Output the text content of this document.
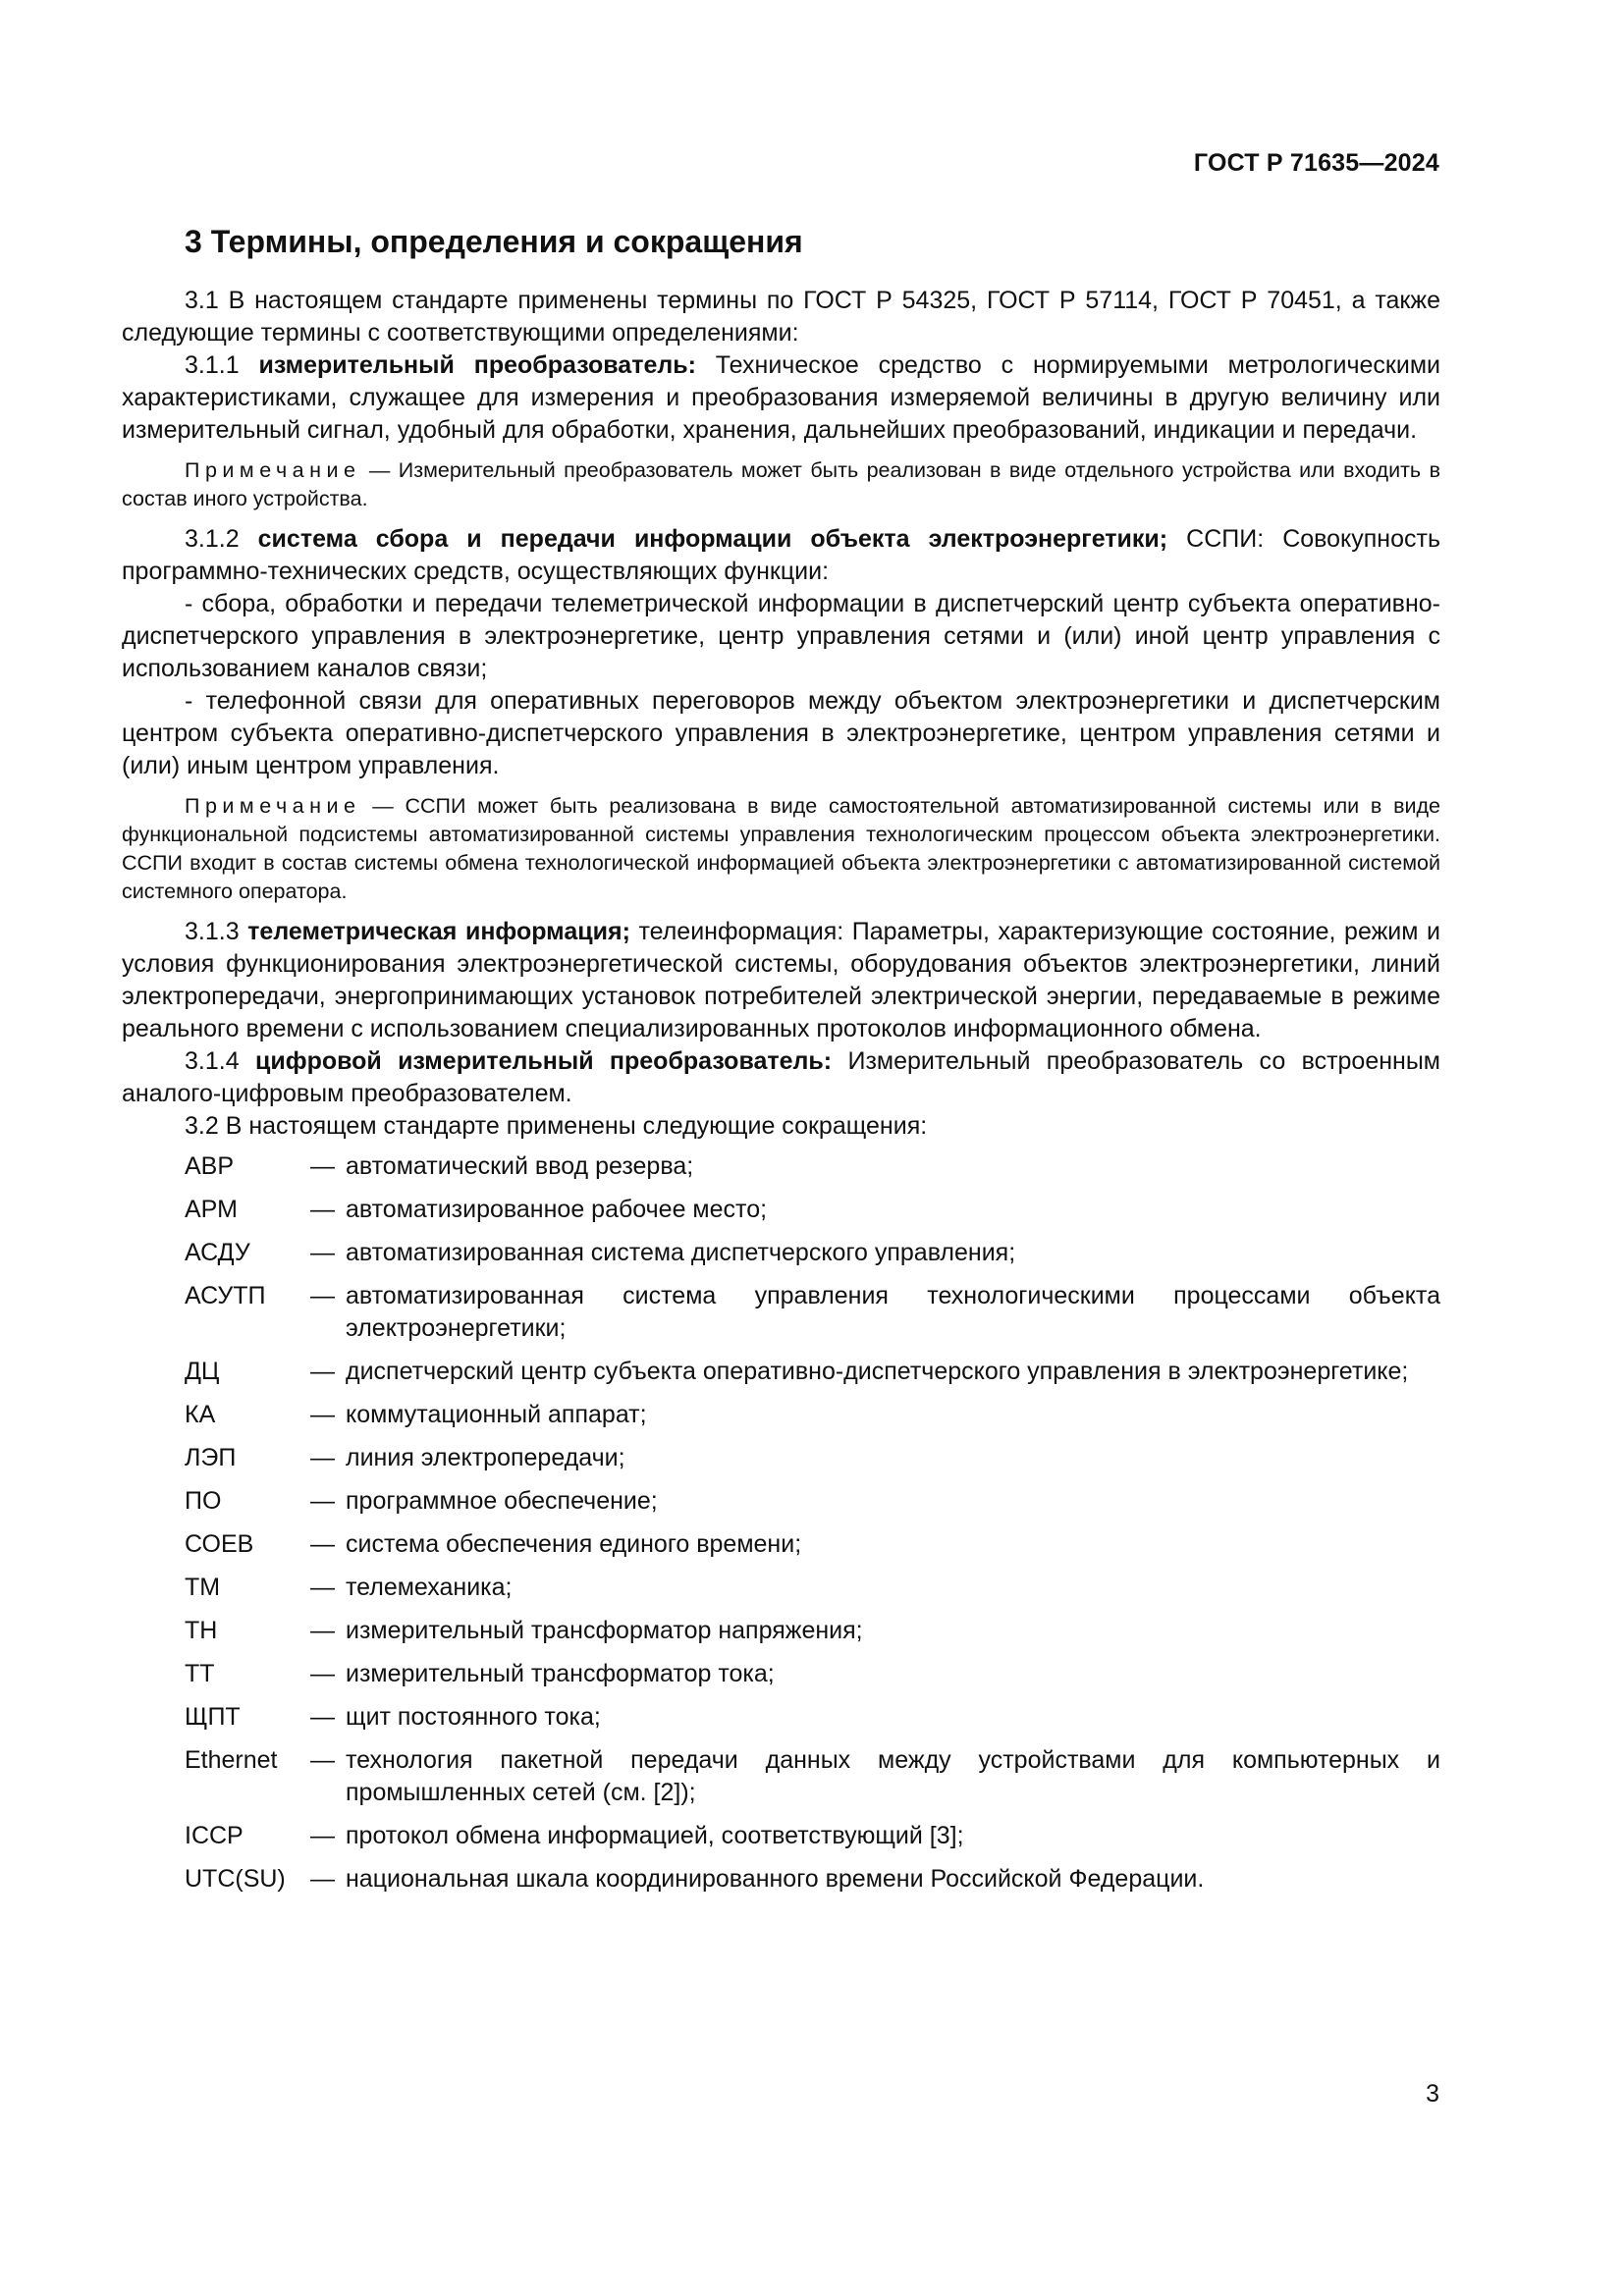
ГОСТ Р 71635—2024
3 Термины, определения и сокращения

3.1 В настоящем стандарте применены термины по ГОСТ Р 54325, ГОСТ Р 57114, ГОСТ Р 70451, а также следующие термины с соответствующими определениями:

3.1.1 измерительный преобразователь: Техническое средство с нормируемыми метрологическими характеристиками, служащее для измерения и преобразования измеряемой величины в другую величину или измерительный сигнал, удобный для обработки, хранения, дальнейших преобразований, индикации и передачи.

Примечание — Измерительный преобразователь может быть реализован в виде отдельного устройства или входить в состав иного устройства.

3.1.2 система сбора и передачи информации объекта электроэнергетики; ССПИ: Совокупность программно-технических средств, осуществляющих функции:

- сбора, обработки и передачи телеметрической информации в диспетчерский центр субъекта оперативно-диспетчерского управления в электроэнергетике, центр управления сетями и (или) иной центр управления с использованием каналов связи;

- телефонной связи для оперативных переговоров между объектом электроэнергетики и диспетчерским центром субъекта оперативно-диспетчерского управления в электроэнергетике, центром управления сетями и (или) иным центром управления.

Примечание — ССПИ может быть реализована в виде самостоятельной автоматизированной системы или в виде функциональной подсистемы автоматизированной системы управления технологическим процессом объекта электроэнергетики. ССПИ входит в состав системы обмена технологической информацией объекта электроэнергетики с автоматизированной системой системного оператора.

3.1.3 телеметрическая информация; телеинформация: Параметры, характеризующие состояние, режим и условия функционирования электроэнергетической системы, оборудования объектов электроэнергетики, линий электропередачи, энергопринимающих установок потребителей электрической энергии, передаваемые в режиме реального времени с использованием специализированных протоколов информационного обмена.

3.1.4 цифровой измерительный преобразователь: Измерительный преобразователь со встроенным аналого-цифровым преобразователем.

3.2 В настоящем стандарте применены следующие сокращения:

АВР	— автоматический ввод резерва;
АРМ	— автоматизированное рабочее место;
АСДУ	— автоматизированная система диспетчерского управления;
АСУТП	— автоматизированная система управления технологическими процессами объекта электроэнергетики;
ДЦ	— диспетчерский центр субъекта оперативно-диспетчерского управления в электроэнергетике;
КА	— коммутационный аппарат;
ЛЭП	— линия электропередачи;
ПО	— программное обеспечение;
СОЕВ	— система обеспечения единого времени;
ТМ	— телемеханика;
ТН	— измерительный трансформатор напряжения;
ТТ	— измерительный трансформатор тока;
ЩПТ	— щит постоянного тока;
Ethernet	— технология пакетной передачи данных между устройствами для компьютерных и промышленных сетей (см. [2]);
ICCP	— протокол обмена информацией, соответствующий [3];
UTC(SU)	— национальная шкала координированного времени Российской Федерации.
3
